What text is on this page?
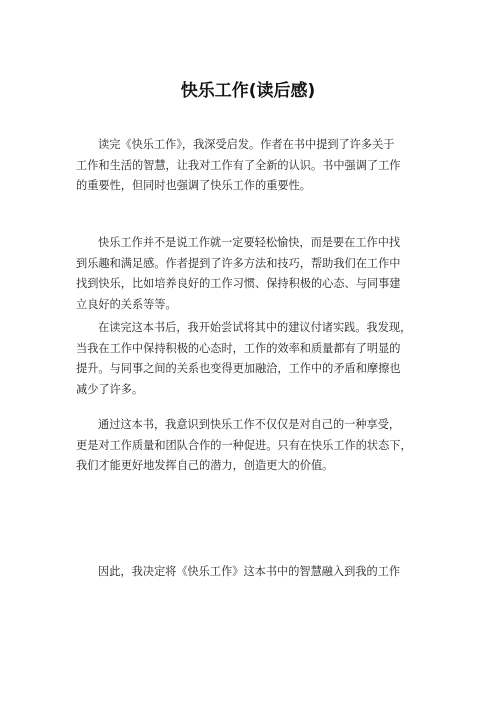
快乐工作(读后感)

读完《快乐工作》，我深受启发。作者在书中提到了许多关于
工作和生活的智慧，让我对工作有了全新的认识。书中强调了工作
的重要性，但同时也强调了快乐工作的重要性。

快乐工作并不是说工作就一定要轻松愉快，而是要在工作中找
到乐趣和满足感。作者提到了许多方法和技巧，帮助我们在工作中
找到快乐，比如培养良好的工作习惯、保持积极的心态、与同事建
立良好的关系等等。

在读完这本书后，我开始尝试将其中的建议付诸实践。我发现，
当我在工作中保持积极的心态时，工作的效率和质量都有了明显的
提升。与同事之间的关系也变得更加融洽，工作中的矛盾和摩擦也
减少了许多。

通过这本书，我意识到快乐工作不仅仅是对自己的一种享受，
更是对工作质量和团队合作的一种促进。只有在快乐工作的状态下，
我们才能更好地发挥自己的潜力，创造更大的价值。

因此，我决定将《快乐工作》这本书中的智慧融入到我的工作
